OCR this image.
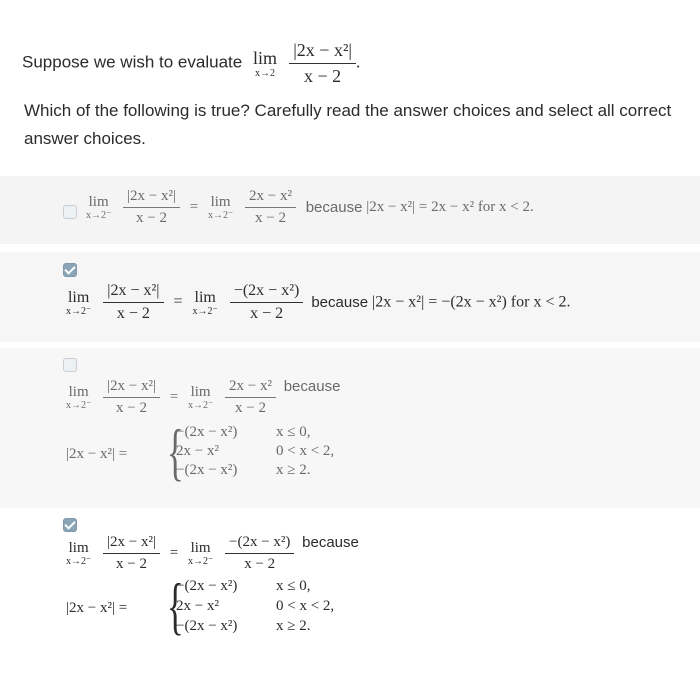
Suppose we wish to evaluate lim
x→2
$\frac{\text{|2x − x²|}}{x - 2}$ .
Which of the following is true? Carefully read the answer choices and select all correct answer choices.
lim
x→2⁻
$\frac{\text{|2x − x²|}}{x - 2} = \lim$
x→2⁻
$\frac{\text{2x − x²}}{x - 2}$ because |2x − x²| = 2x − x² for x < 2.
lim
x→2⁻
$\frac{\text{|2x − x²|}}{x - 2} = \lim$
x→2⁻
$\frac{\text{−(2x − x²)}}{x - 2}$ because |2x − x²| = −(2x − x²) for x < 2.
lim
x→2⁻
$\frac{\text{|2x − x²|}}{x - 2} = \lim$
x→2⁻
$\frac{\text{2x − x²}}{x - 2}$ because
|2x − x²| = {
−(2x − x²)	x ≤ 0,
2x − x²	0 < x < 2,
−(2x − x²)	x ≥ 2.
lim
x→2⁻
$\frac{\text{|2x − x²|}}{x - 2} = \lim$
x→2⁻
$\frac{\text{−(2x − x²)}}{x - 2}$ because
|2x − x²| = {
−(2x − x²)	x ≤ 0,
2x − x²	0 < x < 2,
−(2x − x²)	x ≥ 2.
